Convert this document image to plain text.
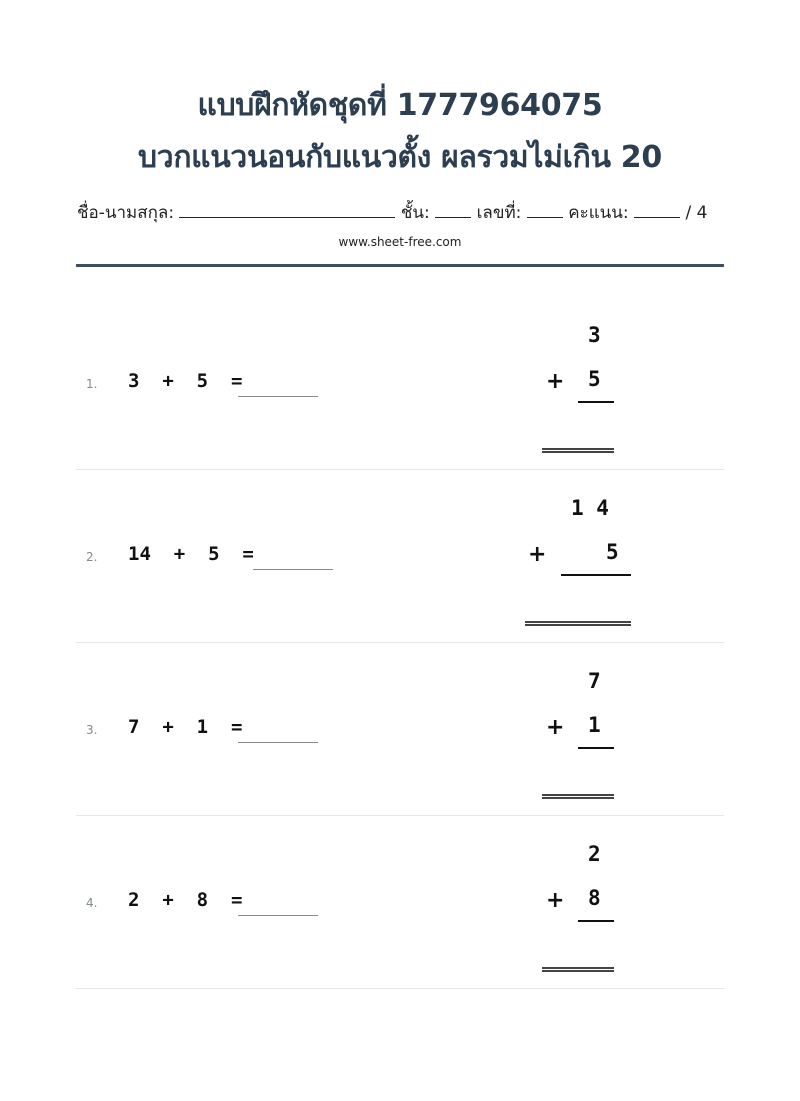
แบบฝึกหัดชุดที่ 1777964075
บวกแนวนอนกับแนวตั้ง ผลรวมไม่เกิน 20
ชื่อ-นามสกุล:	ชั้น:	เลขที่:	คะแนน:	/ 4
www.sheet-free.com
1. 3  +  5  =
3
+ 5
2. 14  +  5  =
1 4
+	5
3. 7  +  1  =
7
+ 1
4. 2  +  8  =
2
+ 8
